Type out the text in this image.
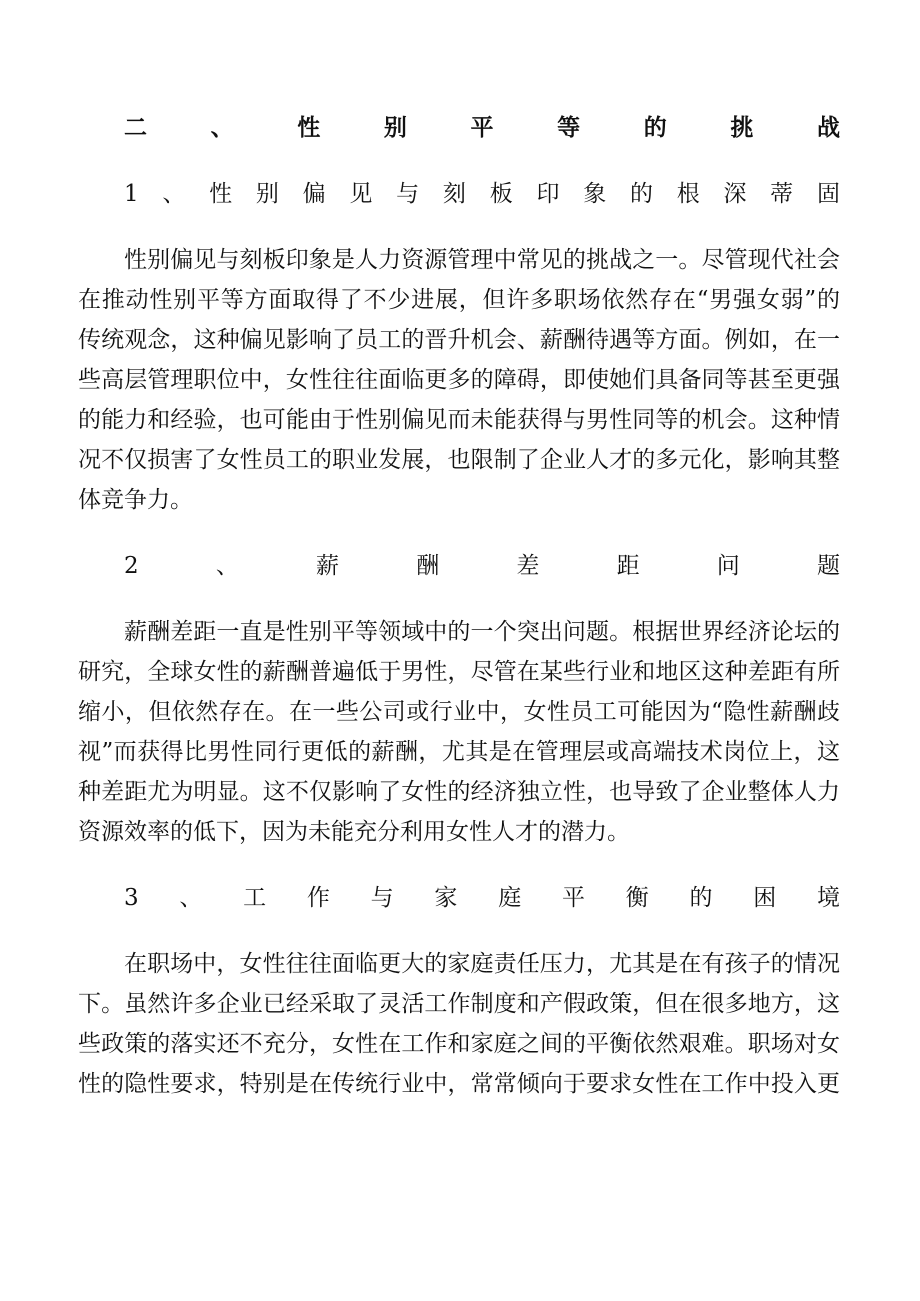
二、性别平等的挑战
1、性别偏见与刻板印象的根深蒂固
性别偏见与刻板印象是人力资源管理中常见的挑战之一。尽管现代社会
在推动性别平等方面取得了不少进展，但许多职场依然存在“男强女弱”的
传统观念，这种偏见影响了员工的晋升机会、薪酬待遇等方面。例如，在一
些高层管理职位中，女性往往面临更多的障碍，即使她们具备同等甚至更强
的能力和经验，也可能由于性别偏见而未能获得与男性同等的机会。这种情
况不仅损害了女性员工的职业发展，也限制了企业人才的多元化，影响其整
体竞争力。
2、薪酬差距问题
薪酬差距一直是性别平等领域中的一个突出问题。根据世界经济论坛的
研究，全球女性的薪酬普遍低于男性，尽管在某些行业和地区这种差距有所
缩小，但依然存在。在一些公司或行业中，女性员工可能因为“隐性薪酬歧
视”而获得比男性同行更低的薪酬，尤其是在管理层或高端技术岗位上，这
种差距尤为明显。这不仅影响了女性的经济独立性，也导致了企业整体人力
资源效率的低下，因为未能充分利用女性人才的潜力。
3、工作与家庭平衡的困境
在职场中，女性往往面临更大的家庭责任压力，尤其是在有孩子的情况
下。虽然许多企业已经采取了灵活工作制度和产假政策，但在很多地方，这
些政策的落实还不充分，女性在工作和家庭之间的平衡依然艰难。职场对女
性的隐性要求，特别是在传统行业中，常常倾向于要求女性在工作中投入更
